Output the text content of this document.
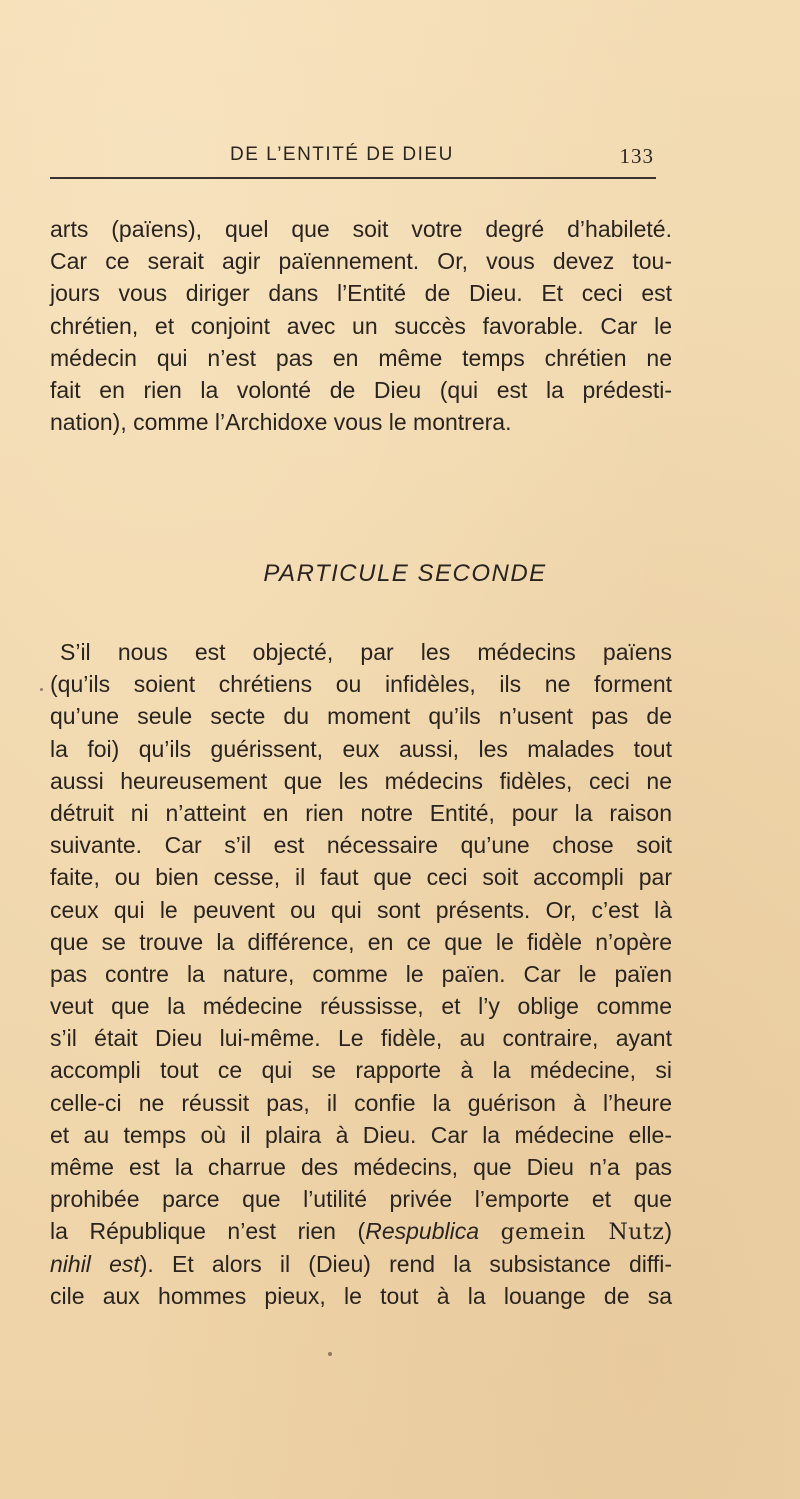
DE L’ENTITÉ DE DIEU	133
arts (païens), quel que soit votre degré d’habileté.
Car ce serait agir païennement. Or, vous devez tou-
jours vous diriger dans l’Entité de Dieu. Et ceci est
chrétien, et conjoint avec un succès favorable. Car le
médecin qui n’est pas en même temps chrétien ne
fait en rien la volonté de Dieu (qui est la prédesti-
nation), comme l’Archidoxe vous le montrera.
PARTICULE SECONDE
S’il nous est objecté, par les médecins païens
(qu’ils soient chrétiens ou infidèles, ils ne forment
qu’une seule secte du moment qu’ils n’usent pas de
la foi) qu’ils guérissent, eux aussi, les malades tout
aussi heureusement que les médecins fidèles, ceci ne
détruit ni n’atteint en rien notre Entité, pour la raison
suivante. Car s’il est nécessaire qu’une chose soit
faite, ou bien cesse, il faut que ceci soit accompli par
ceux qui le peuvent ou qui sont présents. Or, c’est là
que se trouve la différence, en ce que le fidèle n’opère
pas contre la nature, comme le païen. Car le païen
veut que la médecine réussisse, et l’y oblige comme
s’il était Dieu lui-même. Le fidèle, au contraire, ayant
accompli tout ce qui se rapporte à la médecine, si
celle-ci ne réussit pas, il confie la guérison à l’heure
et au temps où il plaira à Dieu. Car la médecine elle-
même est la charrue des médecins, que Dieu n’a pas
prohibée parce que l’utilité privée l’emporte et que
la République n’est rien (Respublica gemein Nutz)
nihil est). Et alors il (Dieu) rend la subsistance diffi-
cile aux hommes pieux, le tout à la louange de sa
